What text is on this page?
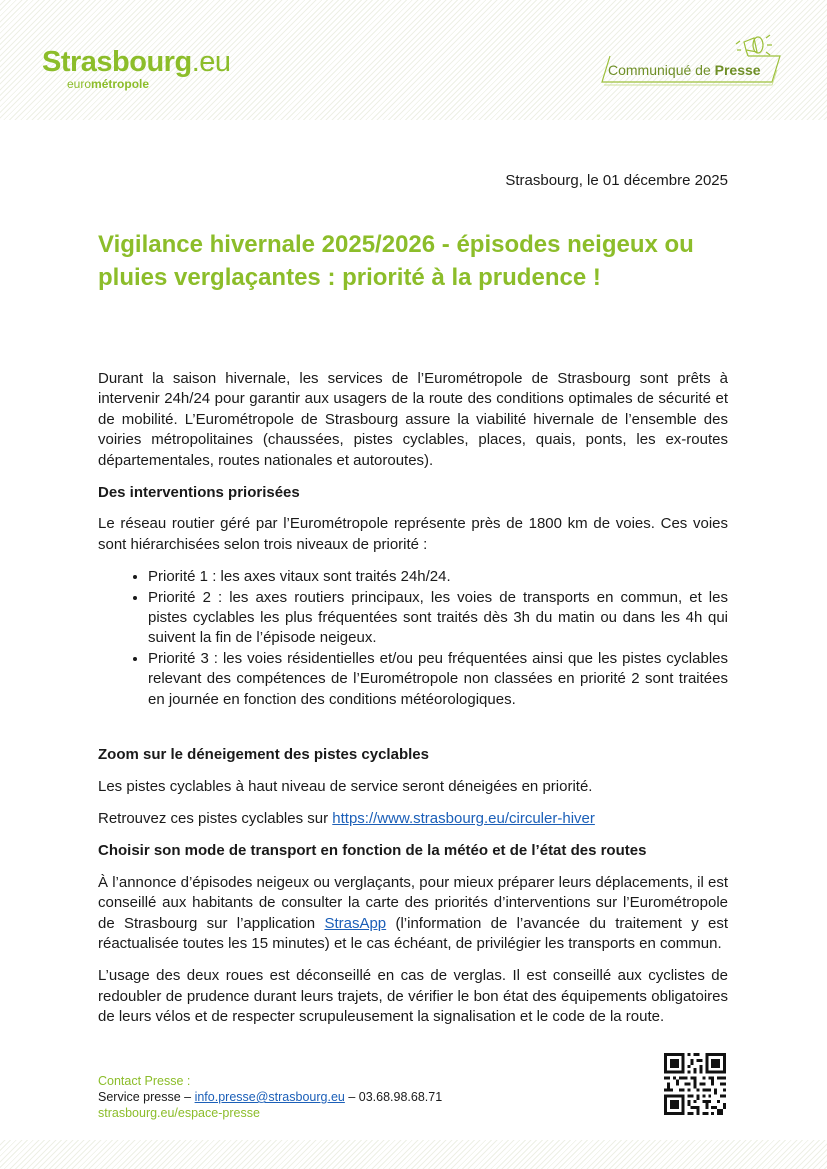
Strasbourg.eu
eurométropole
Communiqué de Presse
Strasbourg, le 01 décembre 2025
Vigilance hivernale 2025/2026 - épisodes neigeux ou pluies verglaçantes : priorité à la prudence !

Durant la saison hivernale, les services de l’Eurométropole de Strasbourg sont prêts à intervenir 24h/24 pour garantir aux usagers de la route des conditions optimales de sécurité et de mobilité. L’Eurométropole de Strasbourg assure la viabilité hivernale de l’ensemble des voiries métropolitaines (chaussées, pistes cyclables, places, quais, ponts, les ex-routes départementales, routes nationales et autoroutes).

Des interventions priorisées

Le réseau routier géré par l’Eurométropole représente près de 1800 km de voies. Ces voies sont hiérarchisées selon trois niveaux de priorité :

• Priorité 1 : les axes vitaux sont traités 24h/24.
• Priorité 2 : les axes routiers principaux, les voies de transports en commun, et les pistes cyclables les plus fréquentées sont traités dès 3h du matin ou dans les 4h qui suivent la fin de l’épisode neigeux.
• Priorité 3 : les voies résidentielles et/ou peu fréquentées ainsi que les pistes cyclables relevant des compétences de l’Eurométropole non classées en priorité 2 sont traitées en journée en fonction des conditions météorologiques.

Zoom sur le déneigement des pistes cyclables

Les pistes cyclables à haut niveau de service seront déneigées en priorité.

Retrouvez ces pistes cyclables sur https://www.strasbourg.eu/circuler-hiver

Choisir son mode de transport en fonction de la météo et de l’état des routes

À l’annonce d’épisodes neigeux ou verglaçants, pour mieux préparer leurs déplacements, il est conseillé aux habitants de consulter la carte des priorités d’interventions sur l’Eurométropole de Strasbourg sur l’application StrasApp (l’information de l’avancée du traitement y est réactualisée toutes les 15 minutes) et le cas échéant, de privilégier les transports en commun.

L’usage des deux roues est déconseillé en cas de verglas. Il est conseillé aux cyclistes de redoubler de prudence durant leurs trajets, de vérifier le bon état des équipements obligatoires de leurs vélos et de respecter scrupuleusement la signalisation et le code de la route.

Contact Presse :
Service presse – info.presse@strasbourg.eu – 03.68.98.68.71
strasbourg.eu/espace-presse
